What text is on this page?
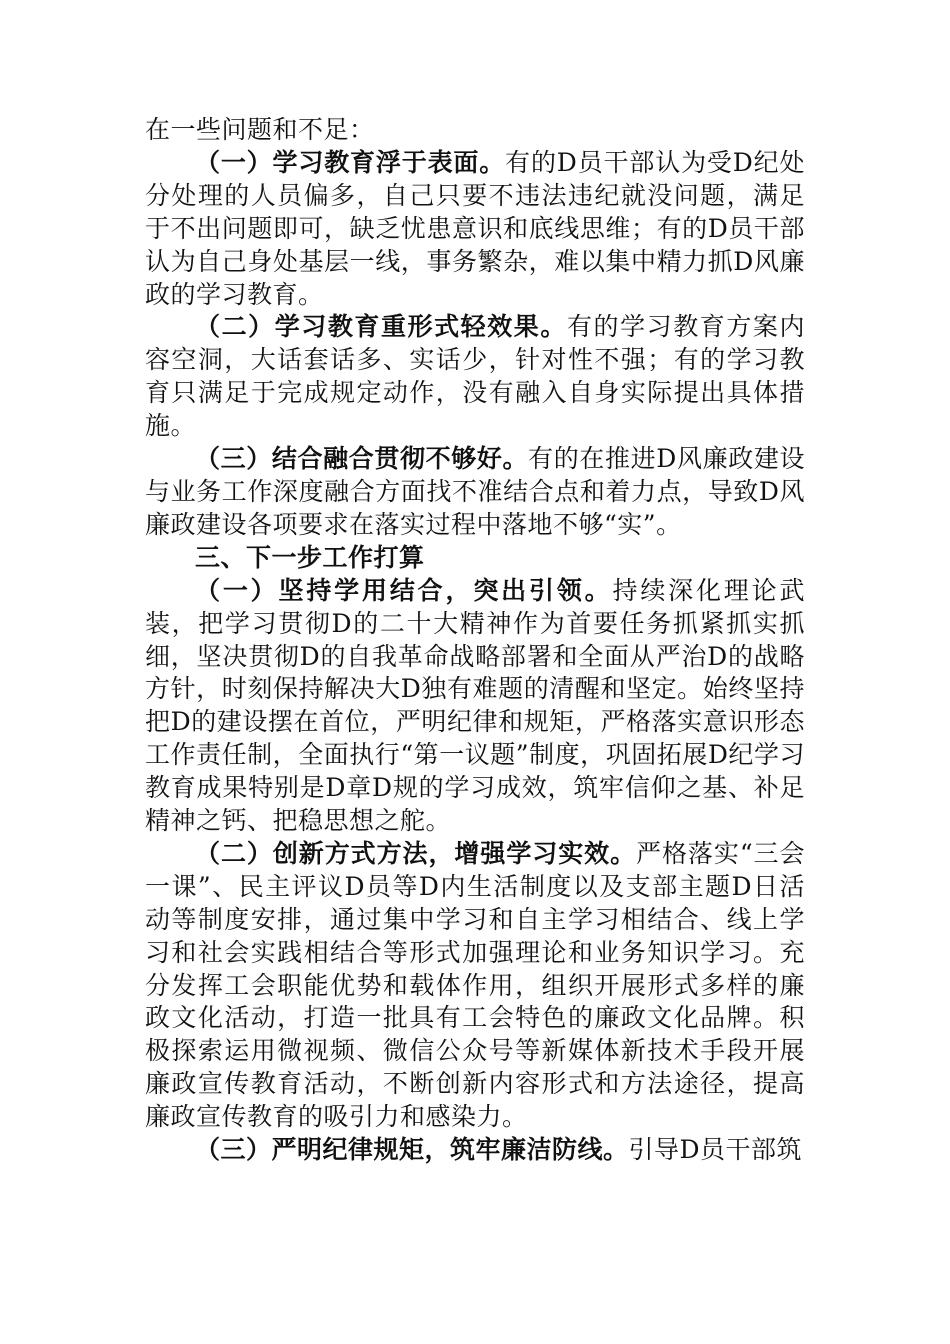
在一些问题和不足：

（一）学习教育浮于表面。有的D员干部认为受D纪处分处理的人员偏多，自己只要不违法违纪就没问题，满足于不出问题即可，缺乏忧患意识和底线思维；有的D员干部认为自己身处基层一线，事务繁杂，难以集中精力抓D风廉政的学习教育。

（二）学习教育重形式轻效果。有的学习教育方案内容空洞，大话套话多、实话少，针对性不强；有的学习教育只满足于完成规定动作，没有融入自身实际提出具体措施。

（三）结合融合贯彻不够好。有的在推进D风廉政建设与业务工作深度融合方面找不准结合点和着力点，导致D风廉政建设各项要求在落实过程中落地不够“实”。

三、下一步工作打算

（一）坚持学用结合，突出引领。持续深化理论武装，把学习贯彻D的二十大精神作为首要任务抓紧抓实抓细，坚决贯彻D的自我革命战略部署和全面从严治D的战略方针，时刻保持解决大D独有难题的清醒和坚定。始终坚持把D的建设摆在首位，严明纪律和规矩，严格落实意识形态工作责任制，全面执行“第一议题”制度，巩固拓展D纪学习教育成果特别是D章D规的学习成效，筑牢信仰之基、补足精神之钙、把稳思想之舵。

（二）创新方式方法，增强学习实效。严格落实“三会一课”、民主评议D员等D内生活制度以及支部主题D日活动等制度安排，通过集中学习和自主学习相结合、线上学习和社会实践相结合等形式加强理论和业务知识学习。充分发挥工会职能优势和载体作用，组织开展形式多样的廉政文化活动，打造一批具有工会特色的廉政文化品牌。积极探索运用微视频、微信公众号等新媒体新技术手段开展廉政宣传教育活动，不断创新内容形式和方法途径，提高廉政宣传教育的吸引力和感染力。

（三）严明纪律规矩，筑牢廉洁防线。引导D员干部筑
